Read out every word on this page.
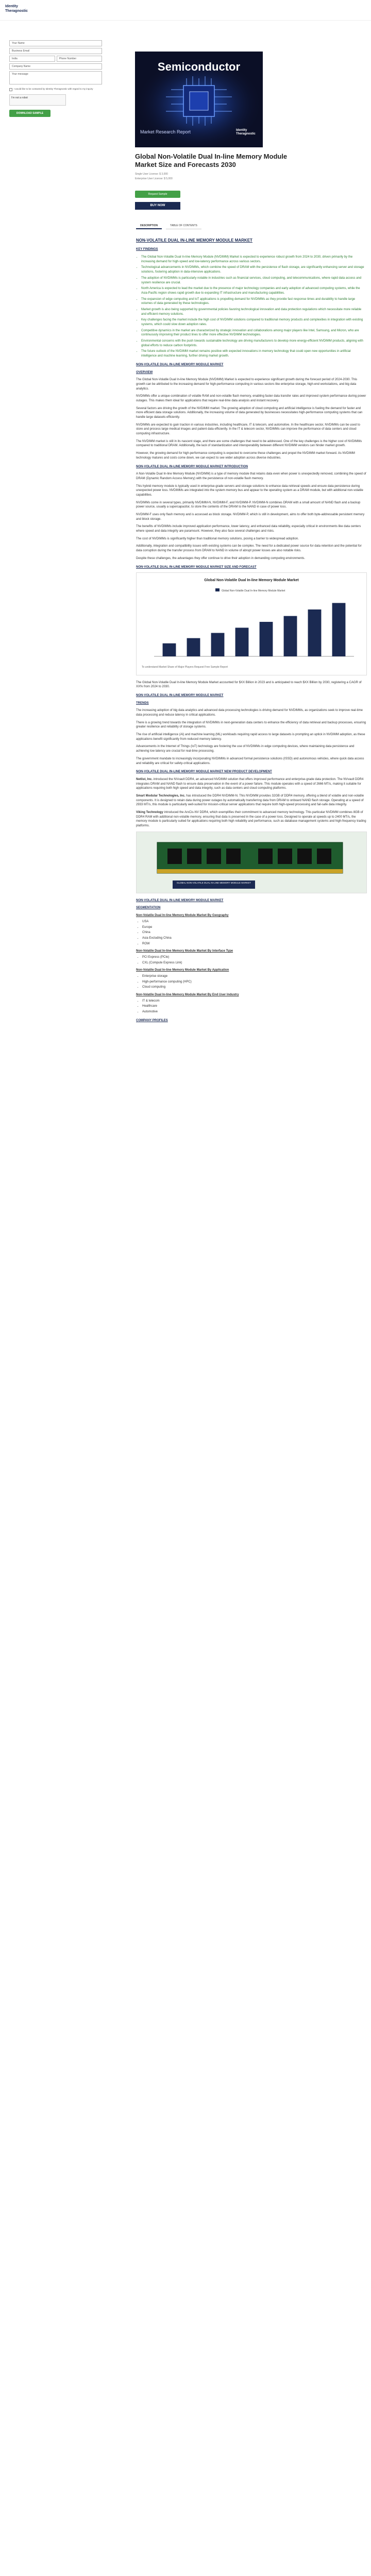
Identity
Theragnostic
Your Name
Business Email
India	Phone Number
Company Name
Your message
I would like to be contacted by Identity Theragnostic with regard to my inquiry
I'm not a robot
DOWNLOAD SAMPLE
Semiconductor
Market Research Report	Identity
Theragnostic
Global Non-Volatile Dual In-line Memory Module Market Size and Forecasts 2030
Single User License: $ 3,000
Enterprise User License: $ 5,000
Request Sample
BUY NOW
DESCRIPTION	TABLE OF CONTENTS
NON-VOLATILE DUAL IN-LINE MEMORY MODULE MARKET
KEY FINDINGS
• The Global Non-Volatile Dual In-line Memory Module (NVDIMM) Market is expected to experience robust growth from 2024 to 2030, driven primarily by the increasing demand for high-speed and low-latency performance across various sectors.
• Technological advancements in NVDIMMs, which combine the speed of DRAM with the persistence of flash storage, are significantly enhancing server and storage solutions, fostering adoption in data-intensive applications.
• The adoption of NVDIMMs is particularly notable in industries such as financial services, cloud computing, and telecommunications, where rapid data access and system resilience are crucial.
• North America is expected to lead the market due to the presence of major technology companies and early adoption of advanced computing systems, while the Asia-Pacific region shows rapid growth due to expanding IT infrastructure and manufacturing capabilities.
• The expansion of edge computing and IoT applications is propelling demand for NVDIMMs as they provide fast response times and durability to handle large volumes of data generated by these technologies.
• Market growth is also being supported by governmental policies favoring technological innovation and data protection regulations which necessitate more reliable and efficient memory solutions.
• Key challenges facing the market include the high cost of NVDIMM solutions compared to traditional memory products and complexities in integration with existing systems, which could slow down adoption rates.
• Competitive dynamics in the market are characterized by strategic innovation and collaborations among major players like Intel, Samsung, and Micron, who are continuously improving their product lines to offer more effective NVDIMM technologies.
• Environmental concerns with the push towards sustainable technology are driving manufacturers to develop more energy-efficient NVDIMM products, aligning with global efforts to reduce carbon footprints.
• The future outlook of the NVDIMM market remains positive with expected innovations in memory technology that could open new opportunities in artificial intelligence and machine learning, further driving market growth.
NON-VOLATILE DUAL IN-LINE MEMORY MODULE MARKET
OVERVIEW

The Global Non-Volatile Dual In-line Memory Module (NVDIMM) Market is expected to experience significant growth during the forecast period of 2024-2030. This growth can be attributed to the increasing demand for high-performance computing in various sectors like enterprise storage, high-end workstations, and big data analytics.

NVDIMMs offer a unique combination of volatile RAM and non-volatile flash memory, enabling faster data transfer rates and improved system performance during power outages. This makes them ideal for applications that require real-time data analysis and instant recovery.

Several factors are driving the growth of the NVDIMM market. The growing adoption of cloud computing and artificial intelligence is fueling the demand for faster and more efficient data storage solutions. Additionally, the increasing volume of data generated by businesses necessitates high-performance computing systems that can handle large datasets efficiently.

NVDIMMs are expected to gain traction in various industries, including healthcare, IT & telecom, and automotive. In the healthcare sector, NVDIMMs can be used to store and process large medical images and patient data efficiently. In the IT & telecom sector, NVDIMMs can improve the performance of data centers and cloud computing infrastructure.

The NVDIMM market is still in its nascent stage, and there are some challenges that need to be addressed. One of the key challenges is the higher cost of NVDIMMs compared to traditional DRAM. Additionally, the lack of standardization and interoperability between different NVDIMM vendors can hinder market growth.

However, the growing demand for high-performance computing is expected to overcome these challenges and propel the NVDIMM market forward. As NVDIMM technology matures and costs come down, we can expect to see wider adoption across diverse industries.

NON-VOLATILE DUAL IN-LINE MEMORY MODULE MARKET INTRODUCTION

A Non-Volatile Dual In-line Memory Module (NVDIMM) is a type of memory module that retains data even when power is unexpectedly removed, combining the speed of DRAM (Dynamic Random Access Memory) with the persistence of non-volatile flash memory.

This hybrid memory module is typically used in enterprise-grade servers and storage solutions to enhance data retrieval speeds and ensure data persistence during unexpected power loss. NVDIMMs are integrated into the system memory bus and appear to the operating system as a DRAM module, but with additional non-volatile capabilities.

NVDIMMs come in several types, primarily NVDIMM-N, NVDIMM-F, and NVDIMM-P. NVDIMM-N combines DRAM with a small amount of NAND flash and a backup power source, usually a supercapacitor, to store the contents of the DRAM to the NAND in case of power loss.

NVDIMM-F uses only flash memory and is accessed as block storage. NVDIMM-P, which is still in development, aims to offer both byte-addressable persistent memory and block storage.

The benefits of NVDIMMs include improved application performance, lower latency, and enhanced data reliability, especially critical in environments like data centers where speed and data integrity are paramount. However, they also face several challenges and risks.

The cost of NVDIMMs is significantly higher than traditional memory solutions, posing a barrier to widespread adoption.

Additionally, integration and compatibility issues with existing systems can be complex. The need for a dedicated power source for data retention and the potential for data corruption during the transfer process from DRAM to NAND in volume of abrupt power losses are also notable risks.

Despite these challenges, the advantages they offer continue to drive their adoption in demanding computing environments.

NON-VOLATILE DUAL IN-LINE MEMORY MODULE MARKET SIZE AND FORECAST
Global Non-Volatile Dual In-line Memory Module Market
Global Non-Volatile Dual In-line Memory Module Market
To understand Market Share of Major Players Request Free Sample Report

The Global Non-Volatile Dual In-line Memory Module Market accounted for $XX Billion in 2023 and is anticipated to reach $XX Billion by 2030, registering a CAGR of XX% from 2024 to 2030.

NON-VOLATILE DUAL IN-LINE MEMORY MODULE MARKET
TRENDS

The increasing adoption of big data analytics and advanced data processing technologies is driving demand for NVDIMMs, as organizations seek to improve real-time data processing and reduce latency in critical applications.

There is a growing trend towards the integration of NVDIMMs in next-generation data centers to enhance the efficiency of data retrieval and backup processes, ensuring greater resilience and reliability of storage systems.

The rise of artificial intelligence (AI) and machine learning (ML) workloads requiring rapid access to large datasets is prompting an uptick in NVDIMM adoption, as these applications benefit significantly from reduced memory latency.

Advancements in the Internet of Things (IoT) technology are fostering the use of NVDIMMs in edge computing devices, where maintaining data persistence and achieving low latency are crucial for real-time processing.

The government mandate to increasingly incorporating NVDIMMs in advanced formal persistence solutions (ISSD) and autonomous vehicles, where quick data access and reliability are critical for safety-critical applications.

NON-VOLATILE DUAL IN-LINE MEMORY MODULE MARKET NEW PRODUCT DEVELOPMENT

Netlist, Inc. introduced the NVvault DDR4, an advanced NVDIMM solution that offers improved performance and enterprise-grade data protection. The NVvault DDR4 integrates DRAM and NAND flash to ensure data preservation in the event of a power failure. This module operates with a speed of 2666 MT/s, making it suitable for applications requiring both high speed and data integrity, such as data centers and cloud computing platforms.

Smart Modular Technologies, Inc. has introduced the DDR4 NVDIMM-N. This NVDIMM provides 32GB of DDR4 memory, offering a blend of volatile and non-volatile components. It is designed to retain data during power outages by automatically transferring data from DRAM to onboard NAND flash storage. Operating at a speed of 2933 MT/s, this module is particularly well-suited for mission-critical server applications that require both high-speed processing and fail-safe data integrity.

Viking Technology introduced the ArxCis-NV DDR4, which exemplifies their commitment to advanced memory technology. This particular NVDIMM combines 8GB of DDR4 RAM with additional non-volatile memory, ensuring that data is preserved in the case of a power loss. Designed to operate at speeds up to 2400 MT/s, the memory module is particularly suited for applications requiring both high reliability and performance, such as database management systems and high-frequency trading platforms.

GLOBAL NON-VOLATILE DUAL IN-LINE MEMORY MODULE MARKET
NON-VOLATILE DUAL IN-LINE MEMORY MODULE MARKET
SEGMENTATION
Non-Volatile Dual In-line Memory Module Market By Geography
• USA
• Europe
• China
• Asia Excluding China
• ROW
Non-Volatile Dual In-line Memory Module Market By Interface Type
• PCI Express (PCIe)
• CXL (Compute Express Link)
Non-Volatile Dual In-line Memory Module Market By Application
• Enterprise storage
• High-performance computing (HPC)
• Cloud computing
Non-Volatile Dual In-line Memory Module Market By End User Industry
• IT & telecom
• Healthcare
• Automotive
COMPANY PROFILES
